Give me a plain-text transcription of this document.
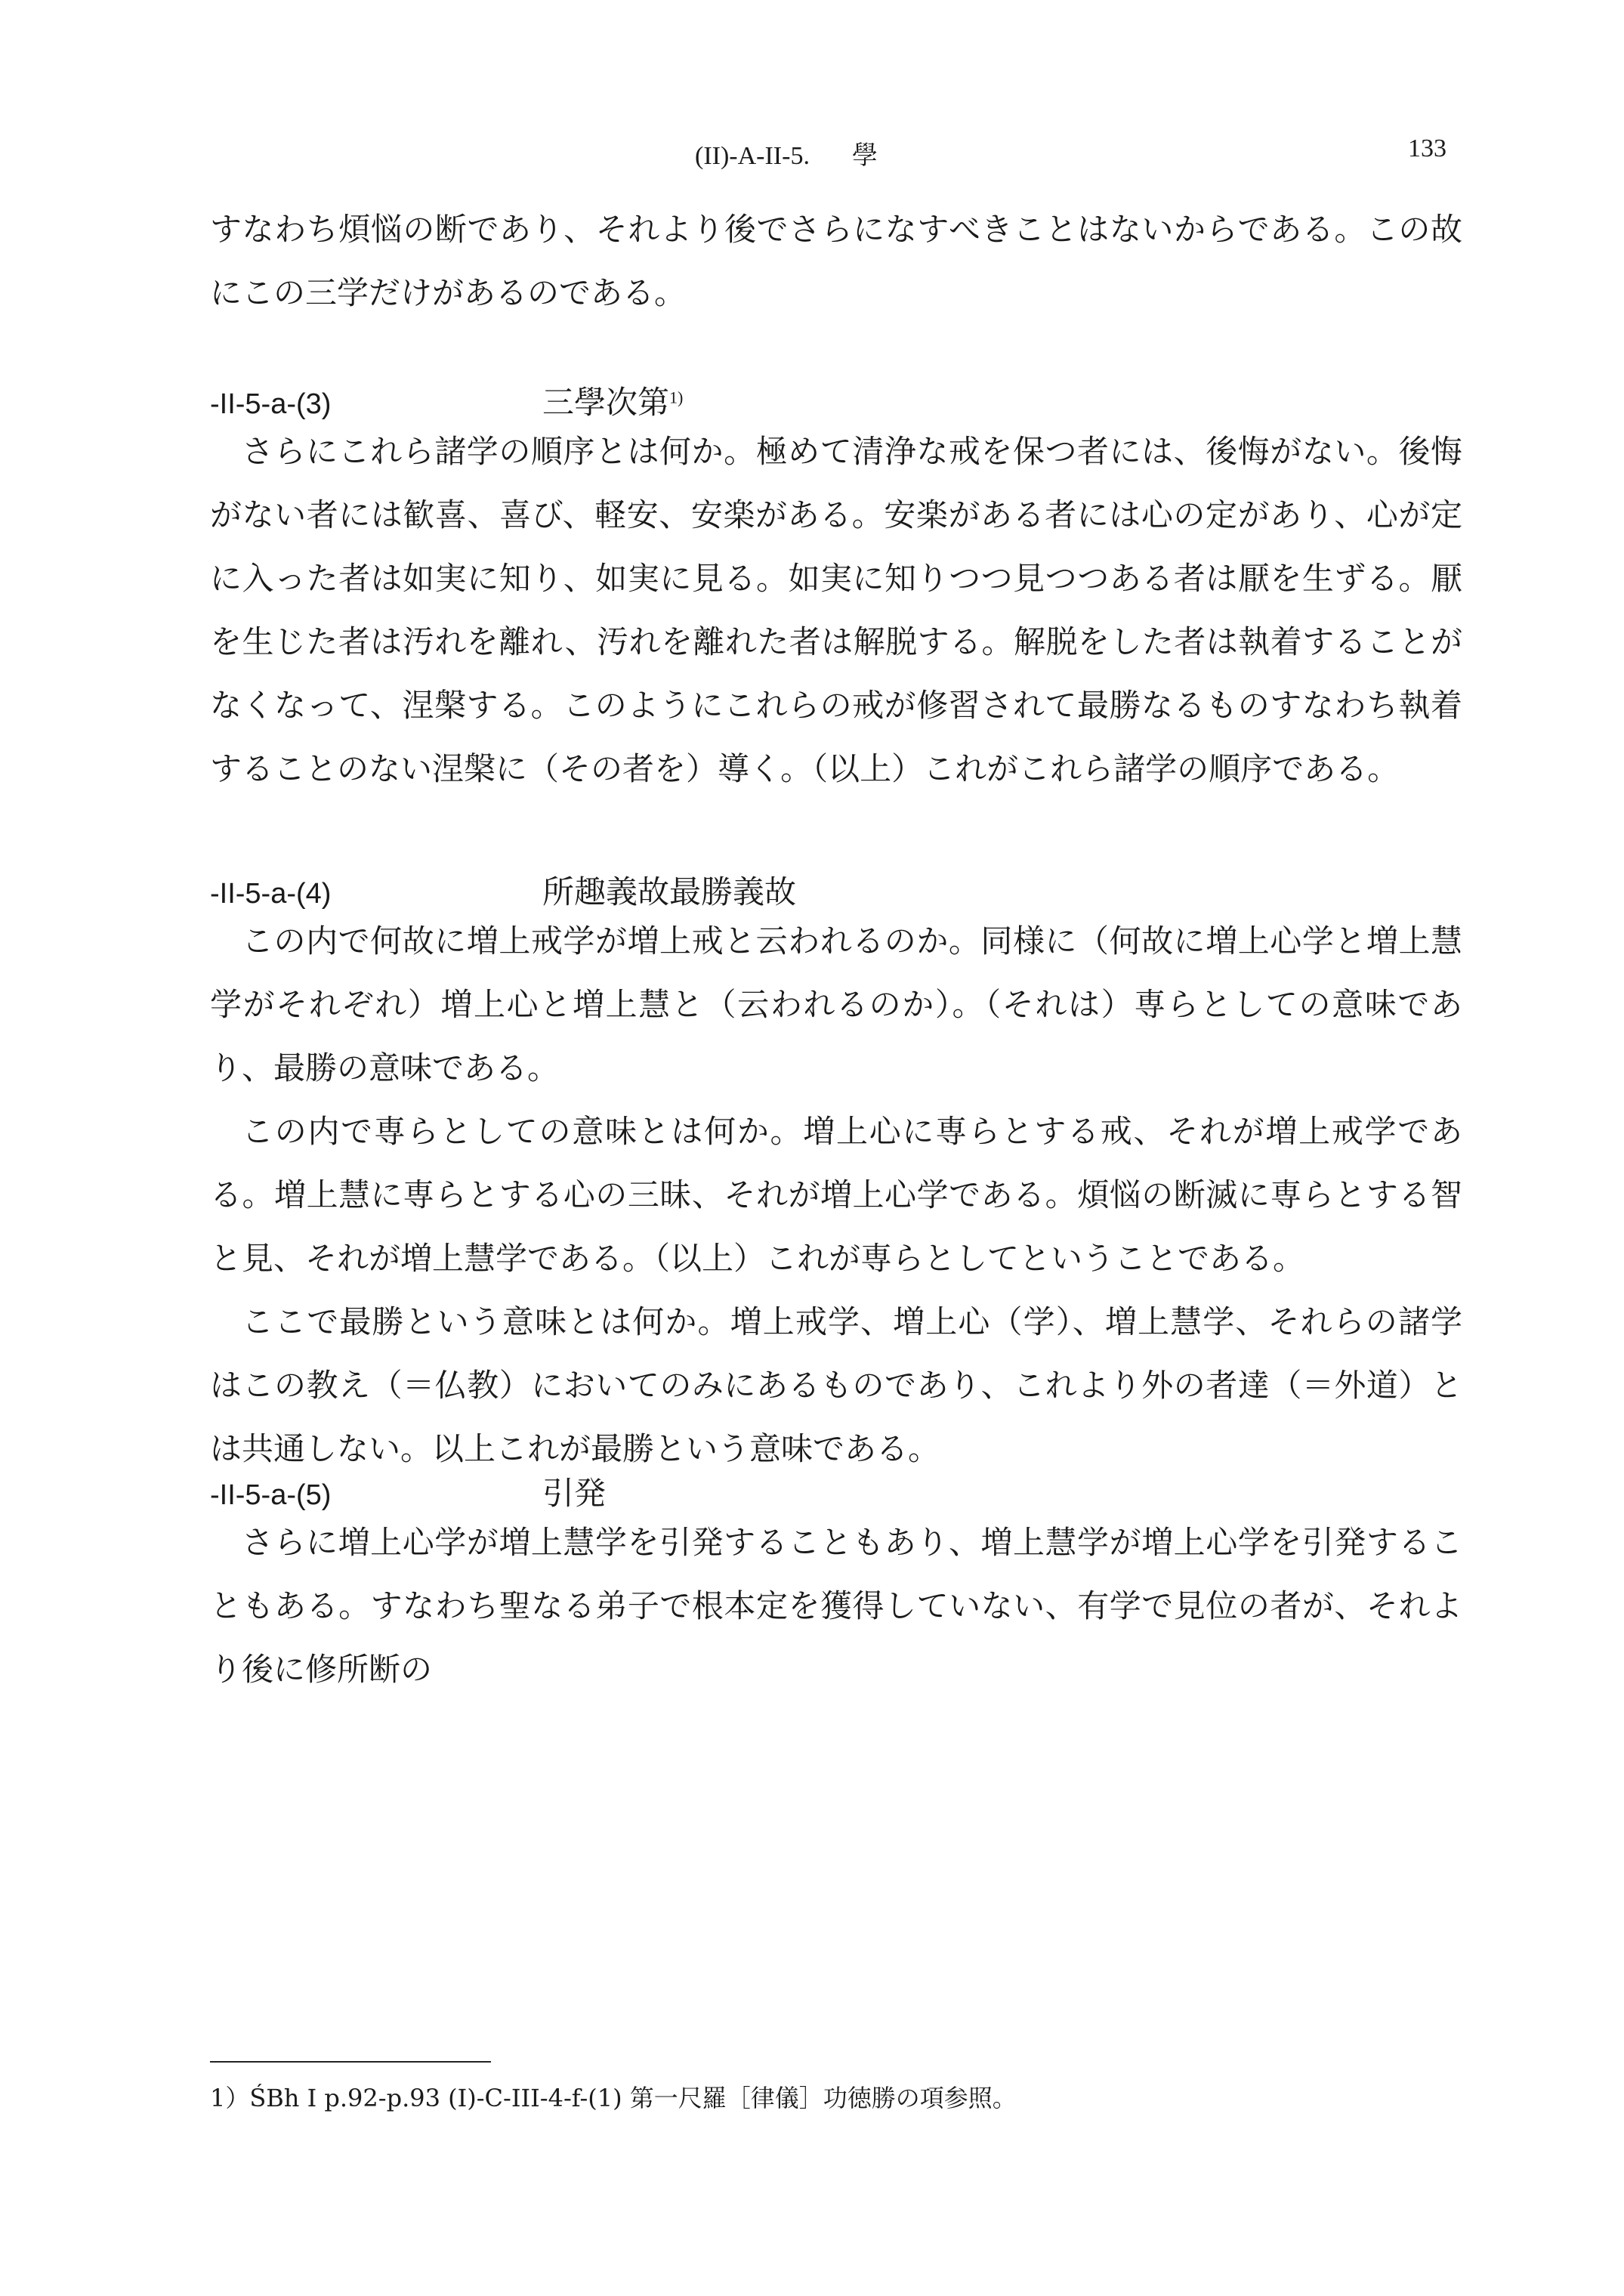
(II)-A-II-5. 學	133

すなわち煩悩の断であり、それより後でさらになすべきことはないからである。この故にこの三学だけがあるのである。

-II-5-a-(3)	三學次第$^{1)}$

さらにこれら諸学の順序とは何か。極めて清浄な戒を保つ者には、後悔がない。後悔がない者には歓喜、喜び、軽安、安楽がある。安楽がある者には心の定があり、心が定に入った者は如実に知り、如実に見る。如実に知りつつ見つつある者は厭を生ずる。厭を生じた者は汚れを離れ、汚れを離れた者は解脱する。解脱をした者は執着することがなくなって、涅槃する。このようにこれらの戒が修習されて最勝なるものすなわち執着することのない涅槃に（その者を）導く。（以上）これがこれら諸学の順序である。

-II-5-a-(4)	所趣義故最勝義故

この内で何故に増上戒学が増上戒と云われるのか。同様に（何故に増上心学と増上慧学がそれぞれ）増上心と増上慧と（云われるのか）。（それは）専らとしての意味であり、最勝の意味である。

この内で専らとしての意味とは何か。増上心に専らとする戒、それが増上戒学である。増上慧に専らとする心の三昧、それが増上心学である。煩悩の断滅に専らとする智と見、それが増上慧学である。（以上）これが専らとしてということである。

ここで最勝という意味とは何か。増上戒学、増上心（学）、増上慧学、それらの諸学はこの教え（＝仏教）においてのみにあるものであり、これより外の者達（＝外道）とは共通しない。以上これが最勝という意味である。

-II-5-a-(5)	引発

さらに増上心学が増上慧学を引発することもあり、増上慧学が増上心学を引発することもある。すなわち聖なる弟子で根本定を獲得していない、有学で見位の者が、それより後に修所断の

1）ŚBh I p.92-p.93 (I)-C-III-4-f-(1) 第一尺羅［律儀］功徳勝の項参照。
